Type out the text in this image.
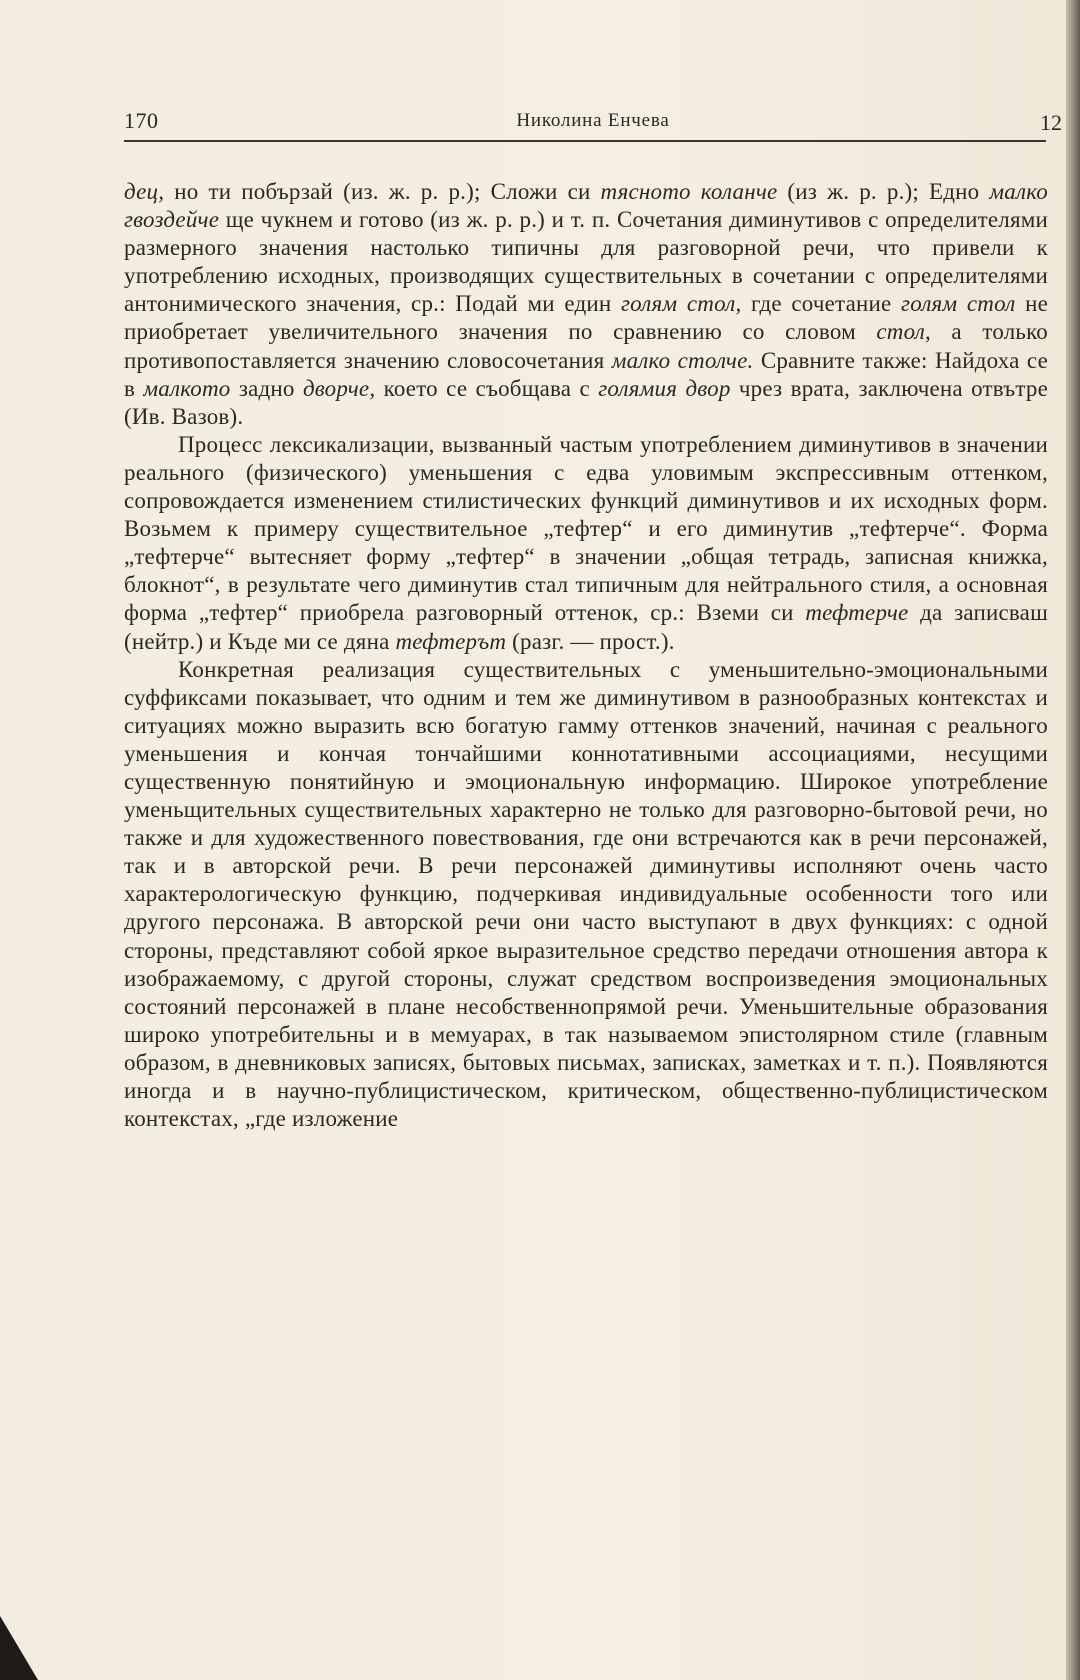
170	Николина Енчева	12

дец, но ти побързай (из. ж. р. р.); Сложи си тясното коланче (из ж. р. р.); Едно малко гвоздейче ще чукнем и готово (из ж. р. р.) и т. п. Сочетания диминутивов с определителями размерного значения настолько типичны для разговорной речи, что привели к употреблению исходных, производящих существительных в сочетании с определителями антонимического значения, ср.: Подай ми един голям стол, где сочетание голям стол не приобретает увеличительного значения по сравнению со словом стол, а только противопоставляется значению словосочетания малко столче. Сравните также: Найдоха се в малкото задно дворче, което се съобщава с голямия двор чрез врата, заключена отвътре (Ив. Вазов).

Процесс лексикализации, вызванный частым употреблением диминутивов в значении реального (физического) уменьшения с едва уловимым экспрессивным оттенком, сопровождается изменением стилистических функций диминутивов и их исходных форм. Возьмем к примеру существительное „тефтер“ и его диминутив „тефтерче“. Форма „тефтерче“ вытесняет форму „тефтер“ в значении „общая тетрадь, записная книжка, блокнот“, в результате чего диминутив стал типичным для нейтрального стиля, а основная форма „тефтер“ приобрела разговорный оттенок, ср.: Вземи си тефтерче да записваш (нейтр.) и Къде ми се дяна тефтерът (разг. — прост.).

Конкретная реализация существительных с уменьшительно-эмоциональными суффиксами показывает, что одним и тем же диминутивом в разнообразных контекстах и ситуациях можно выразить всю богатую гамму оттенков значений, начиная с реального уменьшения и кончая тончайшими коннотативными ассоциациями, несущими существенную понятийную и эмоциональную информацию. Широкое употребление уменьщительных существительных характерно не только для разговорно-бытовой речи, но также и для художественного повествования, где они встречаются как в речи персонажей, так и в авторской речи. В речи персонажей диминутивы исполняют очень часто характерологическую функцию, подчеркивая индивидуальные особенности того или другого персонажа. В авторской речи они часто выступают в двух функциях: с одной стороны, представляют собой яркое выразительное средство передачи отношения автора к изображаемому, с другой стороны, служат средством воспроизведения эмоциональных состояний персонажей в плане несобственнопрямой речи. Уменьшительные образования широко употребительны и в мемуарах, в так называемом эпистолярном стиле (главным образом, в дневниковых записях, бытовых письмах, записках, заметках и т. п.). Появляются иногда и в научно-публицистическом, критическом, общественно-публицистическом контекстах, „где изложение
